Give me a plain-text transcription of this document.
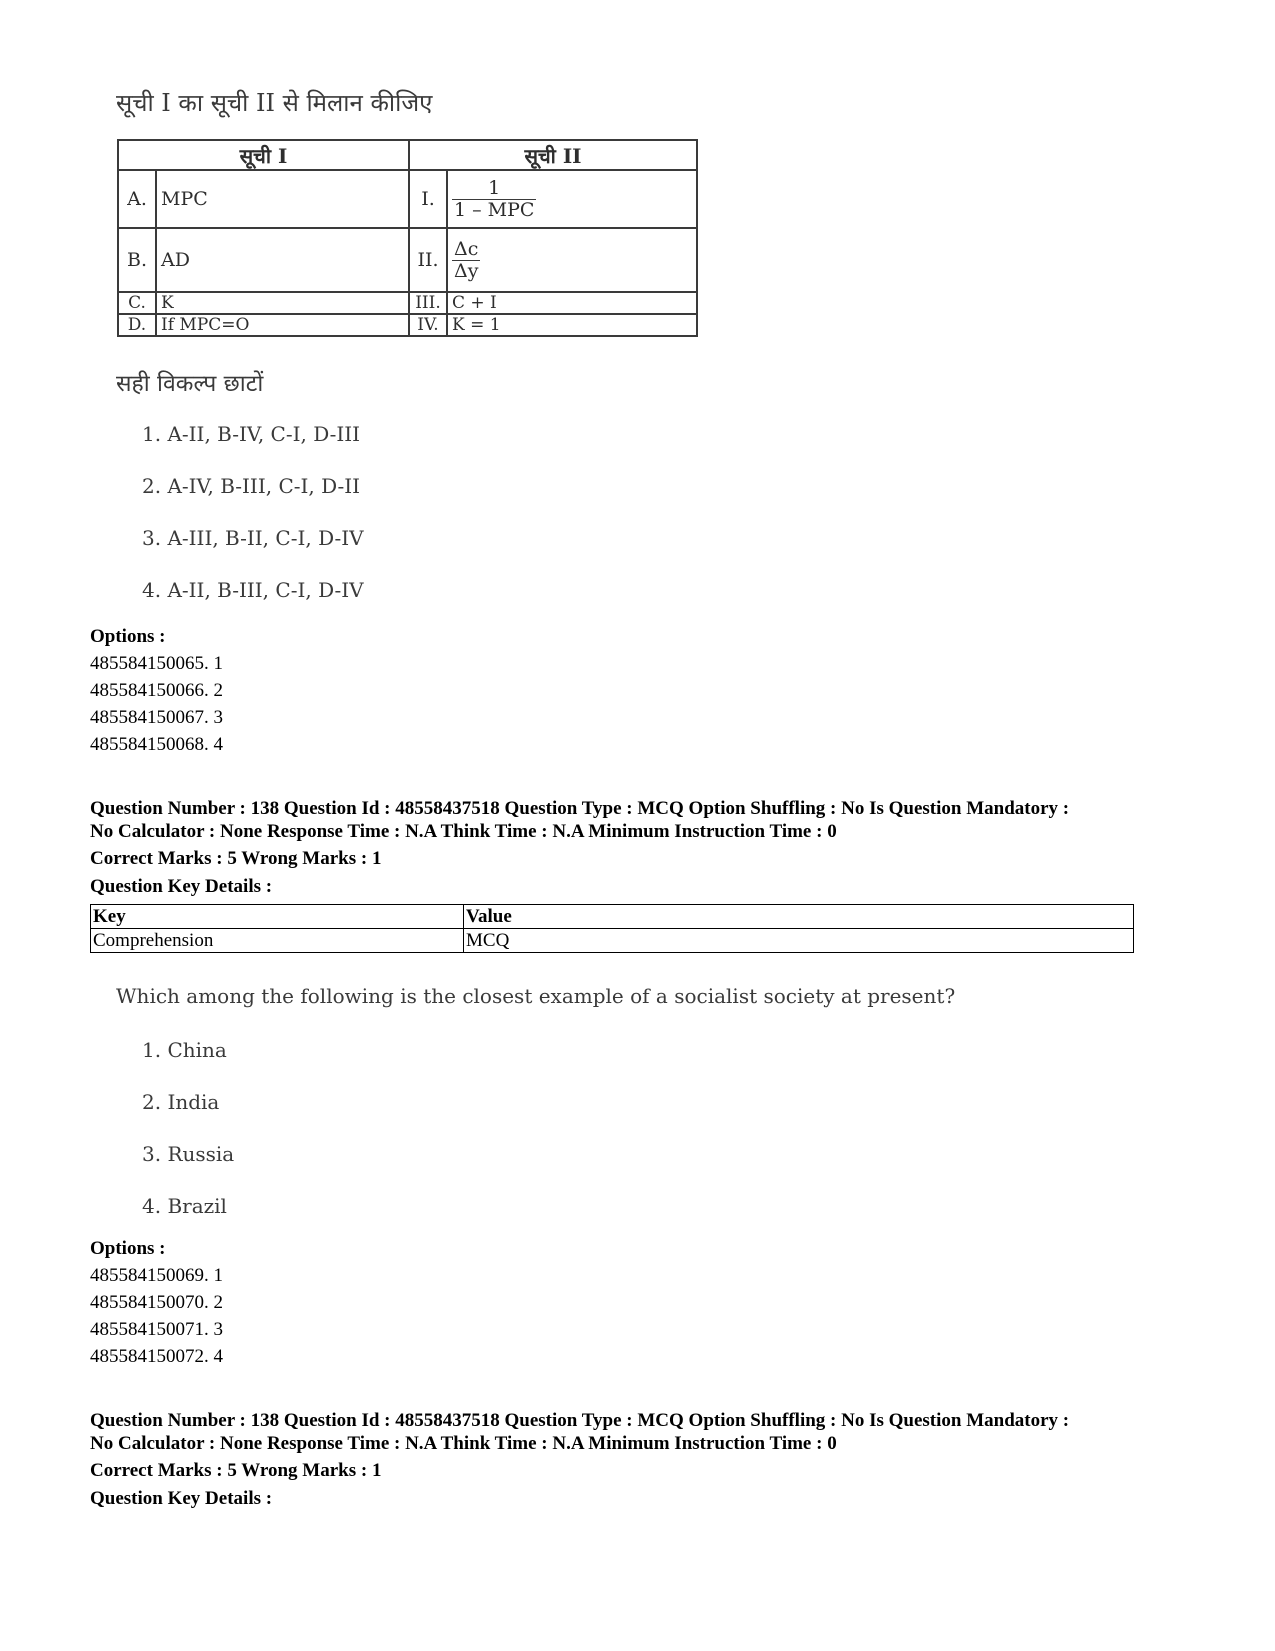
सूची I का सूची II से मिलान कीजिए
सूची I		सूची II	
A.	MPC	I.	$\frac{1}{\text{1 – MPC}}$

B.	AD	II.	$\frac{\Delta c}{\Delta y}$

C.	K	III.	C + I
D.	If MPC=O	IV.	K = 1
सही विकल्प छाटों
1. A-II, B-IV, C-I, D-III
2. A-IV, B-III, C-I, D-II
3. A-III, B-II, C-I, D-IV
4. A-II, B-III, C-I, D-IV
Options :
485584150065. 1
485584150066. 2
485584150067. 3
485584150068. 4
Question Number : 138 Question Id : 48558437518 Question Type : MCQ Option Shuffling : No Is Question Mandatory :
No Calculator : None Response Time : N.A Think Time : N.A Minimum Instruction Time : 0
Correct Marks : 5 Wrong Marks : 1
Question Key Details :
Key	Value
Comprehension	MCQ
Which among the following is the closest example of a socialist society at present?
1. China
2. India
3. Russia
4. Brazil
Options :
485584150069. 1
485584150070. 2
485584150071. 3
485584150072. 4
Question Number : 138 Question Id : 48558437518 Question Type : MCQ Option Shuffling : No Is Question Mandatory :
No Calculator : None Response Time : N.A Think Time : N.A Minimum Instruction Time : 0
Correct Marks : 5 Wrong Marks : 1
Question Key Details :
